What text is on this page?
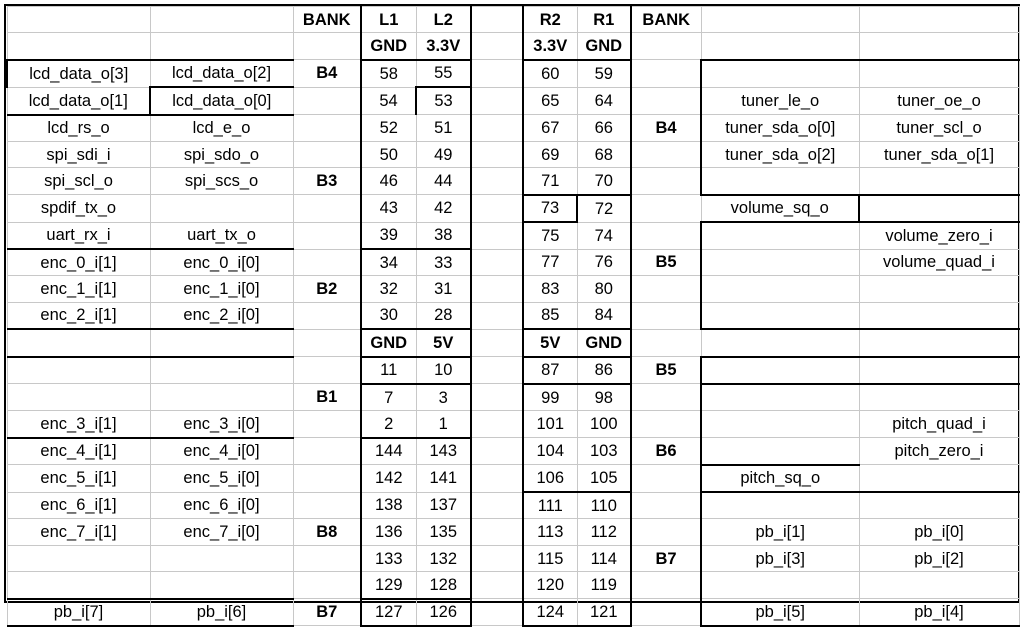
		BANK	L1	L2		R2	R1	BANK		
			GND	3.3V		3.3V	GND			
lcd_data_o[3]	lcd_data_o[2]	B4	58	55		60	59			
lcd_data_o[1]	lcd_data_o[0]		54	53		65	64		tuner_le_o	tuner_oe_o
lcd_rs_o	lcd_e_o		52	51		67	66	B4	tuner_sda_o[0]	tuner_scl_o
spi_sdi_i	spi_sdo_o		50	49		69	68		tuner_sda_o[2]	tuner_sda_o[1]
spi_scl_o	spi_scs_o	B3	46	44		71	70			
spdif_tx_o			43	42		73	72		volume_sq_o	
uart_rx_i	uart_tx_o		39	38		75	74			volume_zero_i
enc_0_i[1]	enc_0_i[0]		34	33		77	76	B5		volume_quad_i
enc_1_i[1]	enc_1_i[0]	B2	32	31		83	80			
enc_2_i[1]	enc_2_i[0]		30	28		85	84			
			GND	5V		5V	GND			
			11	10		87	86	B5		
		B1	7	3		99	98			
enc_3_i[1]	enc_3_i[0]		2	1		101	100			pitch_quad_i
enc_4_i[1]	enc_4_i[0]		144	143		104	103	B6		pitch_zero_i
enc_5_i[1]	enc_5_i[0]		142	141		106	105		pitch_sq_o	
enc_6_i[1]	enc_6_i[0]		138	137		111	110			
enc_7_i[1]	enc_7_i[0]	B8	136	135		113	112		pb_i[1]	pb_i[0]
			133	132		115	114	B7	pb_i[3]	pb_i[2]
			129	128		120	119			
pb_i[7]	pb_i[6]	B7	127	126		124	121		pb_i[5]	pb_i[4]
